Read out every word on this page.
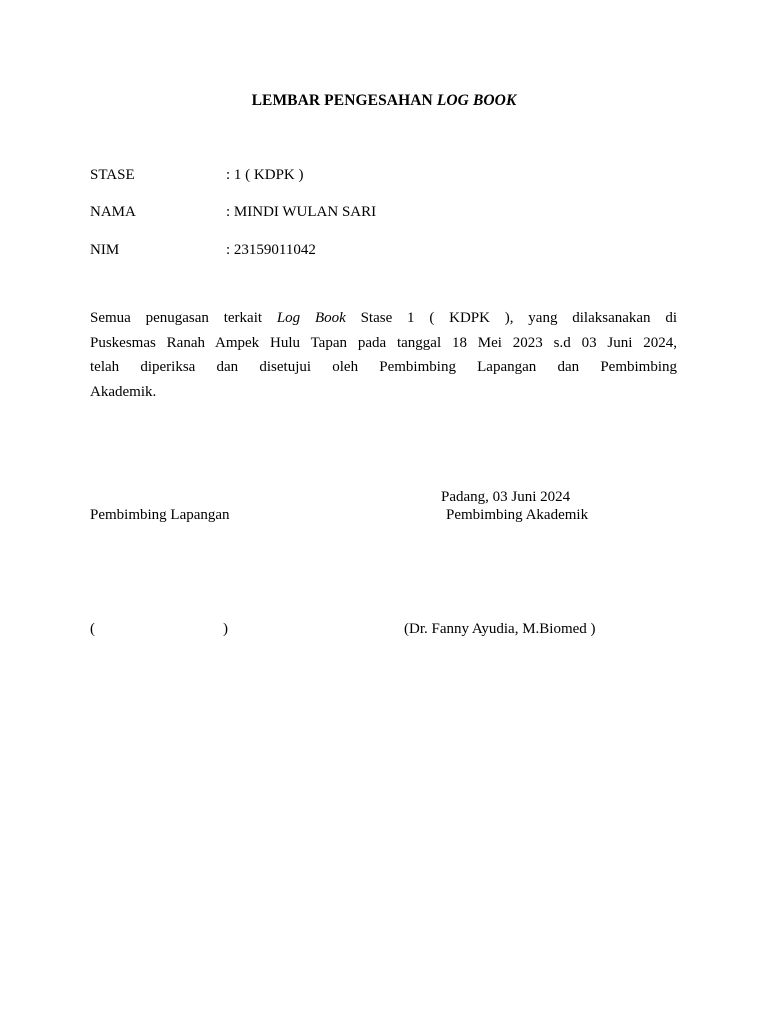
LEMBAR PENGESAHAN LOG BOOK
STASE	: 1 ( KDPK )
NAMA	: MINDI WULAN SARI
NIM	: 23159011042
Semua penugasan terkait Log Book Stase 1 ( KDPK ), yang dilaksanakan di
Puskesmas Ranah Ampek Hulu Tapan pada tanggal 18 Mei 2023 s.d 03 Juni 2024,
telah diperiksa dan disetujui oleh Pembimbing Lapangan dan Pembimbing
Akademik.
Padang, 03 Juni 2024
Pembimbing Lapangan	Pembimbing Akademik
(	)	(Dr. Fanny Ayudia, M.Biomed )
